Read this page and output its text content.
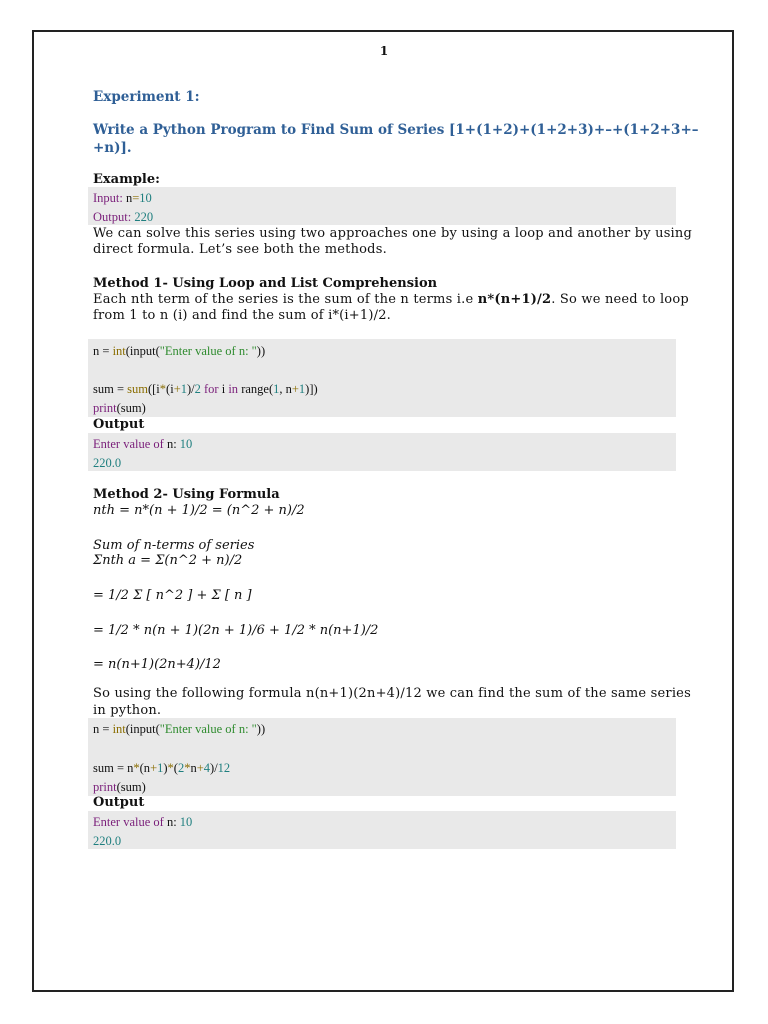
1
Experiment 1:
Write a Python Program to Find Sum of Series [1+(1+2)+(1+2+3)+–+(1+2+3+–
+n)].
Example:
Input: n=10
Output: 220
We can solve this series using two approaches one by using a loop and another by using
direct formula. Let’s see both the methods.
Method 1- Using Loop and List Comprehension
Each nth term of the series is the sum of the n terms i.e n*(n+1)/2. So we need to loop
from 1 to n (i) and find the sum of i*(i+1)/2.
n = int(input("Enter value of n: "))
sum = sum([i*(i+1)/2 for i in range(1, n+1)])
print(sum)
Output
Enter value of n: 10
220.0
Method 2- Using Formula
nth = n*(n + 1)/2 = (n^2 + n)/2
Sum of n-terms of series
Σnth a = Σ(n^2 + n)/2
= 1/2 Σ [ n^2 ] + Σ [ n ]
= 1/2 * n(n + 1)(2n + 1)/6 + 1/2 * n(n+1)/2
= n(n+1)(2n+4)/12
So using the following formula n(n+1)(2n+4)/12 we can find the sum of the same series
in python.
n = int(input("Enter value of n: "))
sum = n*(n+1)*(2*n+4)/12
print(sum)
Output
Enter value of n: 10
220.0
